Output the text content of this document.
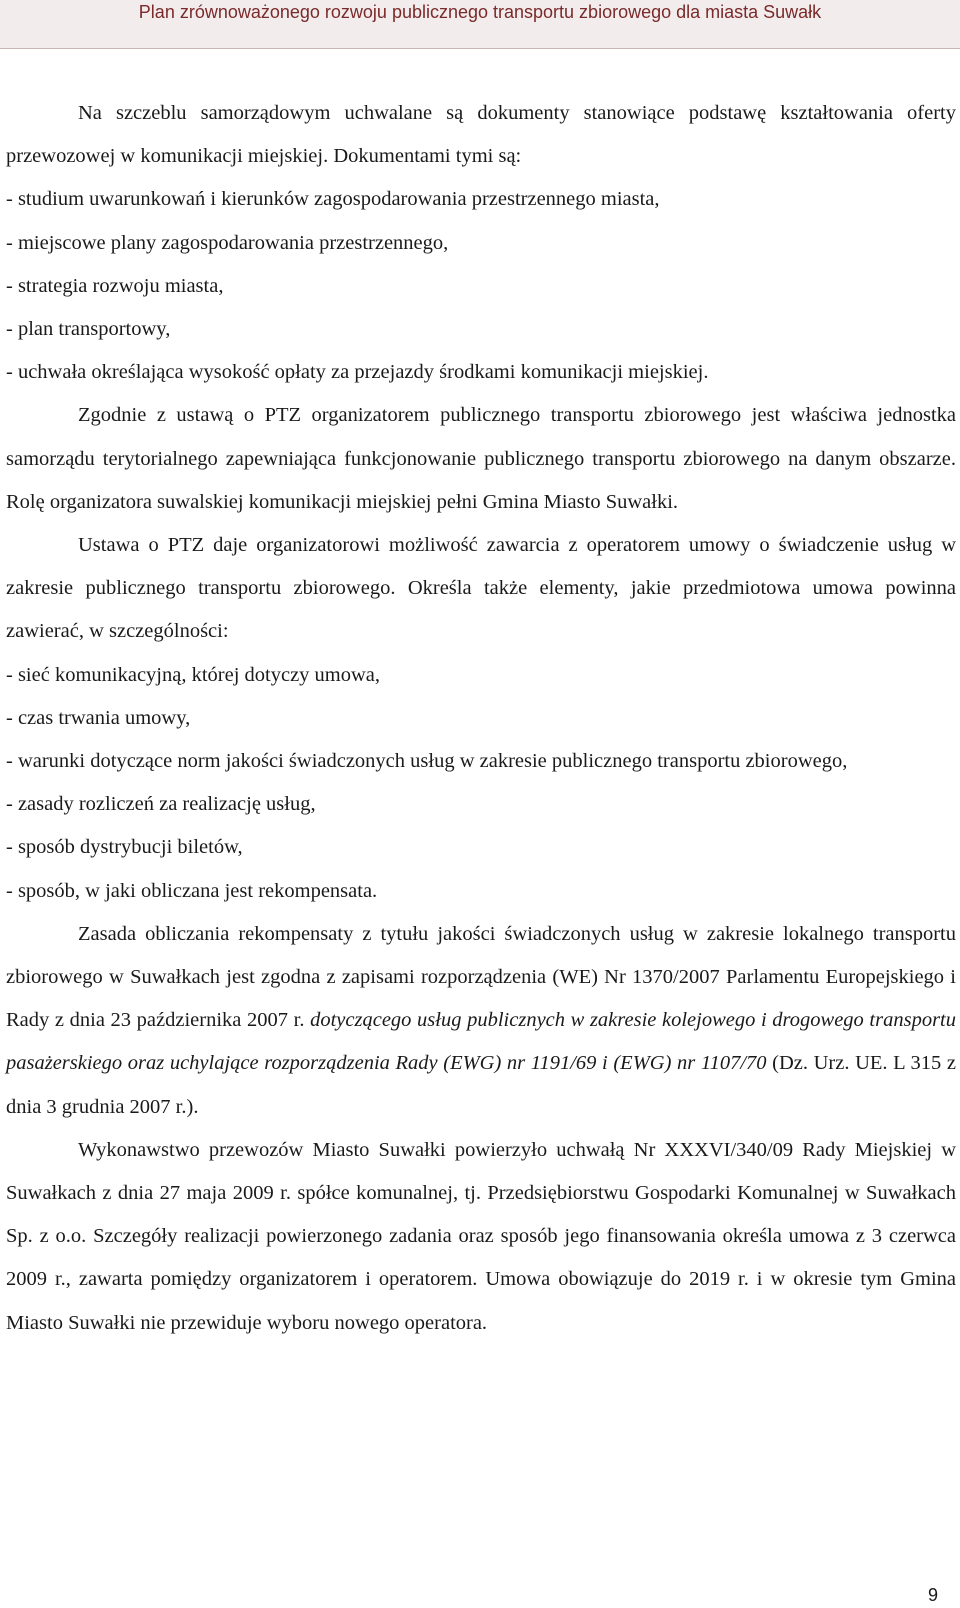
Plan zrównoważonego rozwoju publicznego transportu zbiorowego dla miasta Suwałk

Na szczeblu samorządowym uchwalane są dokumenty stanowiące podstawę kształtowania oferty przewozowej w komunikacji miejskiej. Dokumentami tymi są:

- studium uwarunkowań i kierunków zagospodarowania przestrzennego miasta,

- miejscowe plany zagospodarowania przestrzennego,

- strategia rozwoju miasta,

- plan transportowy,

- uchwała określająca wysokość opłaty za przejazdy środkami komunikacji miejskiej.

Zgodnie z ustawą o PTZ organizatorem publicznego transportu zbiorowego jest właściwa jednostka samorządu terytorialnego zapewniająca funkcjonowanie publicznego transportu zbiorowego na danym obszarze. Rolę organizatora suwalskiej komunikacji miejskiej pełni Gmina Miasto Suwałki.

Ustawa o PTZ daje organizatorowi możliwość zawarcia z operatorem umowy o świadczenie usług w zakresie publicznego transportu zbiorowego. Określa także elementy, jakie przedmiotowa umowa powinna zawierać, w szczególności:

- sieć komunikacyjną, której dotyczy umowa,

- czas trwania umowy,

- warunki dotyczące norm jakości świadczonych usług w zakresie publicznego transportu zbiorowego,

- zasady rozliczeń za realizację usług,

- sposób dystrybucji biletów,

- sposób, w jaki obliczana jest rekompensata.

Zasada obliczania rekompensaty z tytułu jakości świadczonych usług w zakresie lokalnego transportu zbiorowego w Suwałkach jest zgodna z zapisami rozporządzenia (WE) Nr 1370/2007 Parlamentu Europejskiego i Rady z dnia 23 października 2007 r. dotyczącego usług publicznych w zakresie kolejowego i drogowego transportu pasażerskiego oraz uchylające rozporządzenia Rady (EWG) nr 1191/69 i (EWG) nr 1107/70 (Dz. Urz. UE. L 315 z dnia 3 grudnia 2007 r.).

Wykonawstwo przewozów Miasto Suwałki powierzyło uchwałą Nr XXXVI/340/09 Rady Miejskiej w Suwałkach z dnia 27 maja 2009 r. spółce komunalnej, tj. Przedsiębiorstwu Gospodarki Komunalnej w Suwałkach Sp. z o.o. Szczegóły realizacji powierzonego zadania oraz sposób jego finansowania określa umowa z 3 czerwca 2009 r., zawarta pomiędzy organizatorem i operatorem. Umowa obowiązuje do 2019 r. i w okresie tym Gmina Miasto Suwałki nie przewiduje wyboru nowego operatora.

9
